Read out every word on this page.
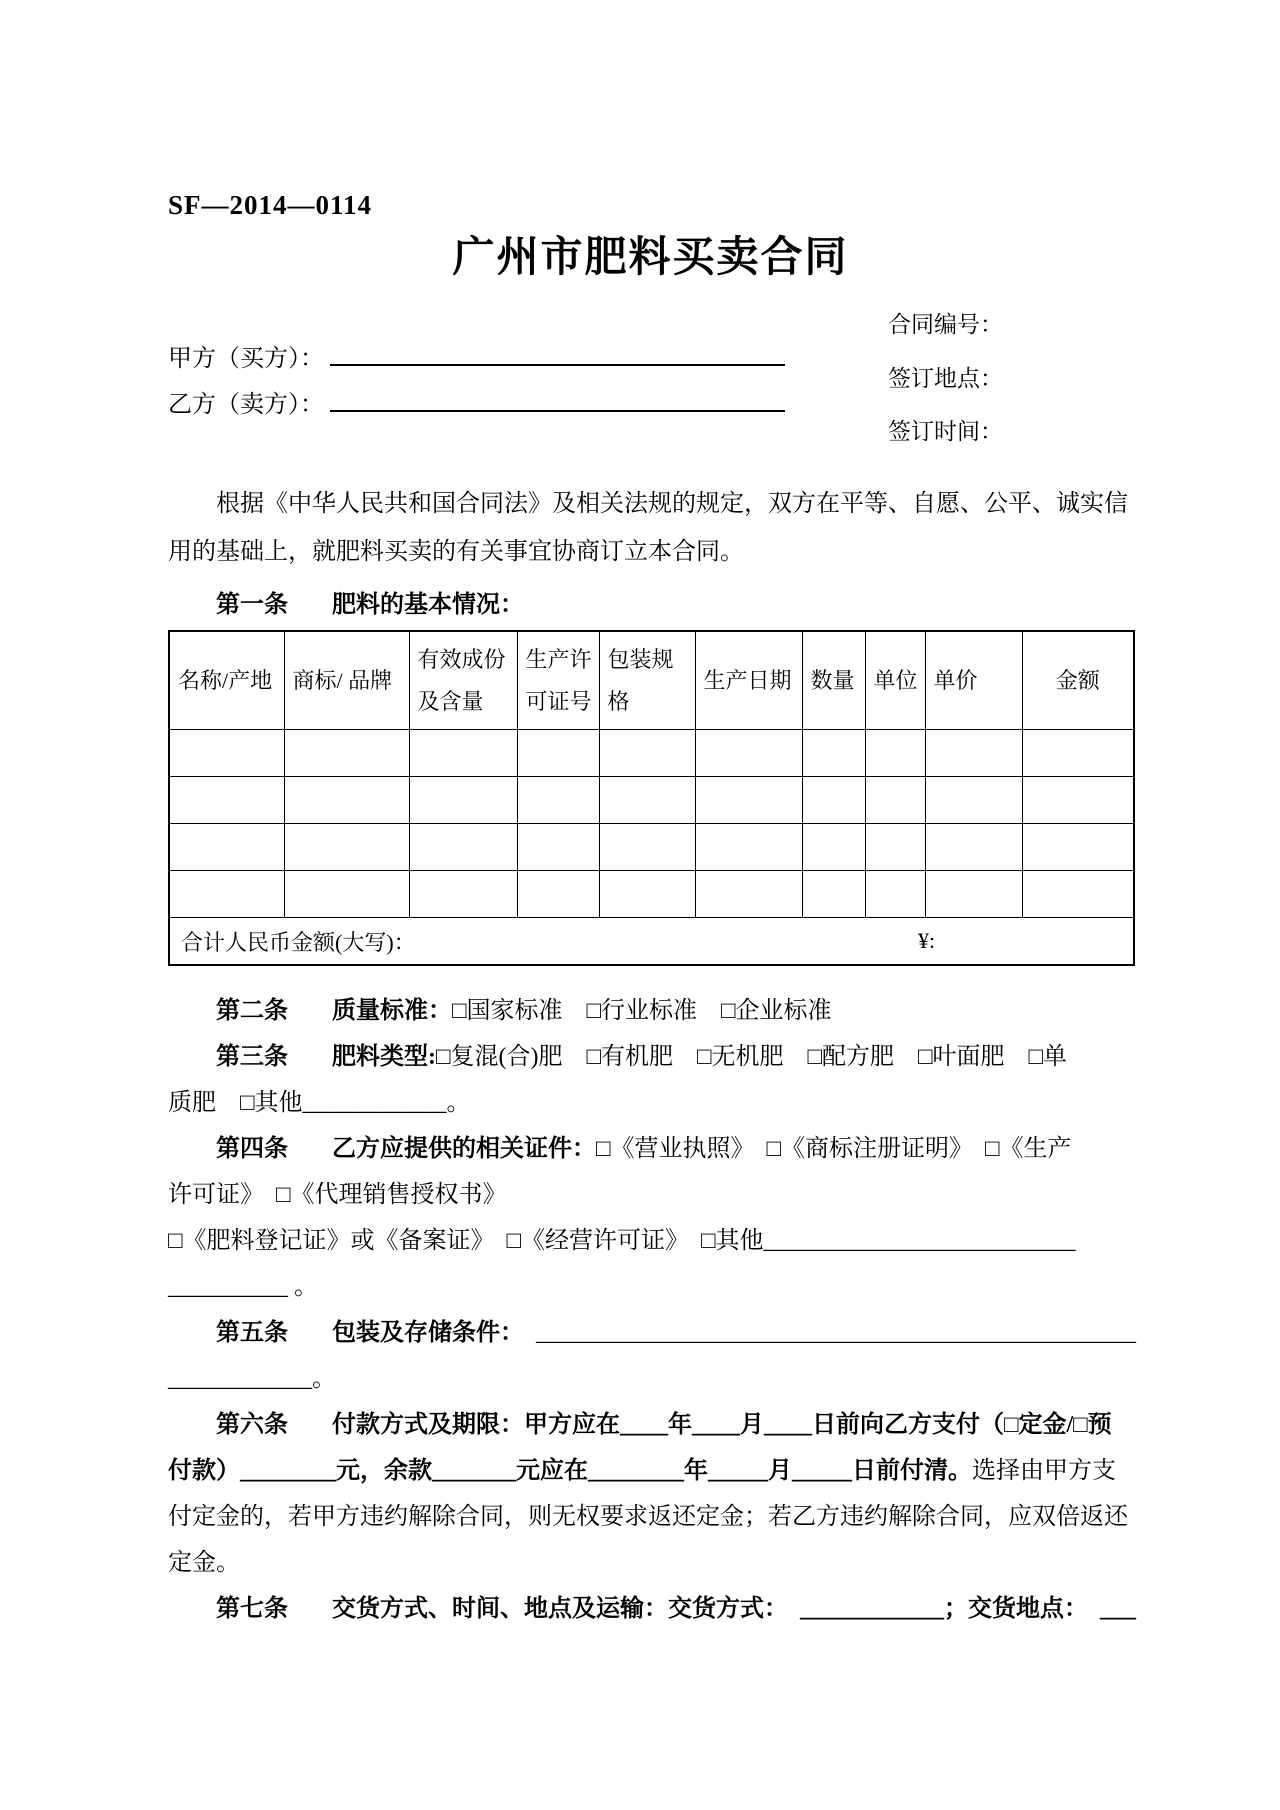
SF—2014—0114
广州市肥料买卖合同
合同编号：
签订地点：
签订时间：
甲方（买方）：
乙方（卖方）：

根据《中华人民共和国合同法》及相关法规的规定，双方在平等、自愿、公平、诚实信

用的基础上，就肥料买卖的有关事宜协商订立本合同。

第一条 肥料的基本情况：

名称/产地	商标/ 品牌	有效成份及含量	生产许可证号	包装规格	生产日期	数量	单位	单价	金额

合计人民币金额(大写)： ¥:									

第二条 质量标准：□国家标准　□行业标准　□企业标准

第三条 肥料类型:□复混(合)肥　□有机肥　□无机肥　□配方肥　□叶面肥　□单

质肥　□其他____________。

第四条 乙方应提供的相关证件：□《营业执照》　□《商标注册证明》　□《生产

许可证》　□《代理销售授权书》

□《肥料登记证》或《备案证》　□《经营许可证》　□其他__________________________

__________ 。

第五条 包装及存储条件：　__________________________________________________

____________。

第六条 付款方式及期限：甲方应在____年____月____日前向乙方支付（□定金/□预

付款）________元，余款_______元应在________年_____月_____日前付清。选择由甲方支

付定金的，若甲方违约解除合同，则无权要求返还定金；若乙方违约解除合同，应双倍返还

定金。

第七条 交货方式、时间、地点及运输：交货方式：　____________；交货地点：　___
